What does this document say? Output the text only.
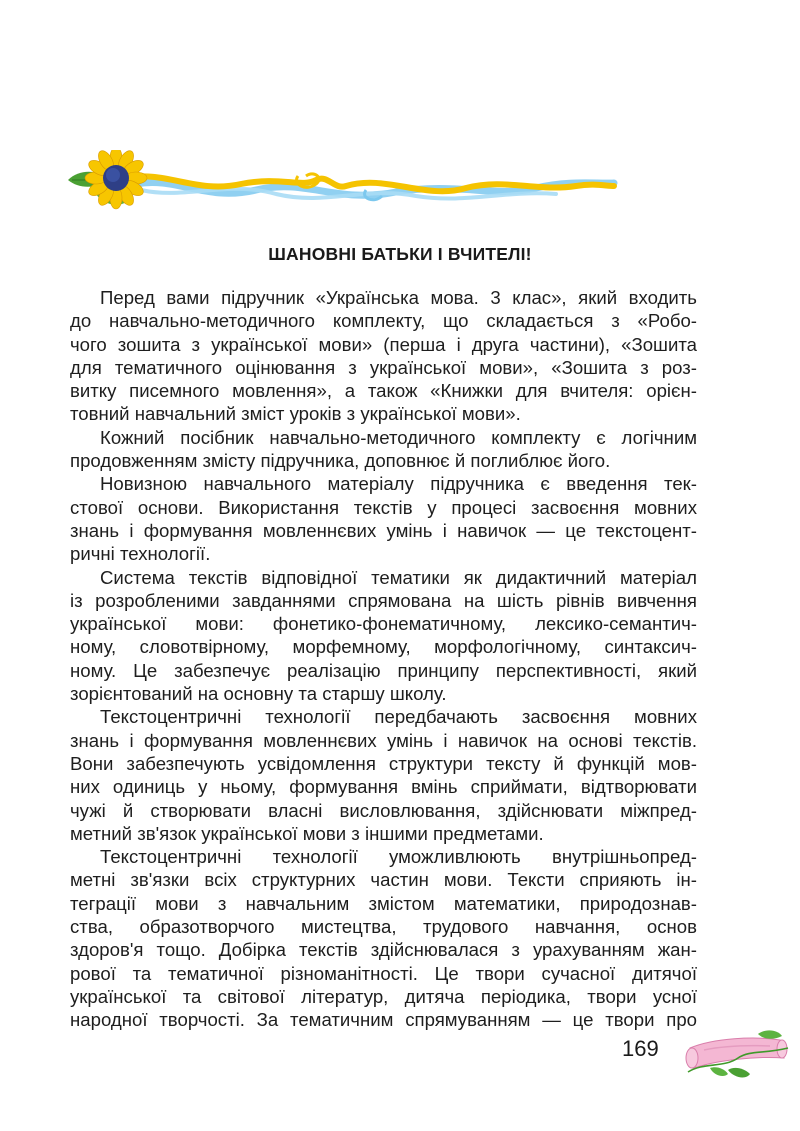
ШАНОВНІ БАТЬКИ І ВЧИТЕЛІ!

Перед вами підручник «Українська мова. 3 клас», який входить
до навчально-методичного комплекту, що складається з «Робо-
чого зошита з української мови» (перша і друга частини), «Зошита
для тематичного оцінювання з української мови», «Зошита з роз-
витку писемного мовлення», а також «Книжки для вчителя: орієн-
товний навчальний зміст уроків з української мови».

Кожний посібник навчально-методичного комплекту є логічним
продовженням змісту підручника, доповнює й поглиблює його.

Новизною навчального матеріалу підручника є введення тек-
стової основи. Використання текстів у процесі засвоєння мовних
знань і формування мовленнєвих умінь і навичок — це текстоцент-
ричні технології.

Система текстів відповідної тематики як дидактичний матеріал
із розробленими завданнями спрямована на шість рівнів вивчення
української мови: фонетико-фонематичному, лексико-семантич-
ному, словотвірному, морфемному, морфологічному, синтаксич-
ному. Це забезпечує реалізацію принципу перспективності, який
зорієнтований на основну та старшу школу.

Текстоцентричні технології передбачають засвоєння мовних
знань і формування мовленнєвих умінь і навичок на основі текстів.
Вони забезпечують усвідомлення структури тексту й функцій мов-
них одиниць у ньому, формування вмінь сприймати, відтворювати
чужі й створювати власні висловлювання, здійснювати міжпред-
метний зв'язок української мови з іншими предметами.

Текстоцентричні технології уможливлюють внутрішньопред-
метні зв'язки всіх структурних частин мови. Тексти сприяють ін-
теграції мови з навчальним змістом математики, природознав-
ства, образотворчого мистецтва, трудового навчання, основ
здоров'я тощо. Добірка текстів здійснювалася з урахуванням жан-
рової та тематичної різноманітності. Це твори сучасної дитячої
української та світової літератур, дитяча періодика, твори усної
народної творчості. За тематичним спрямуванням — це твори про

169
